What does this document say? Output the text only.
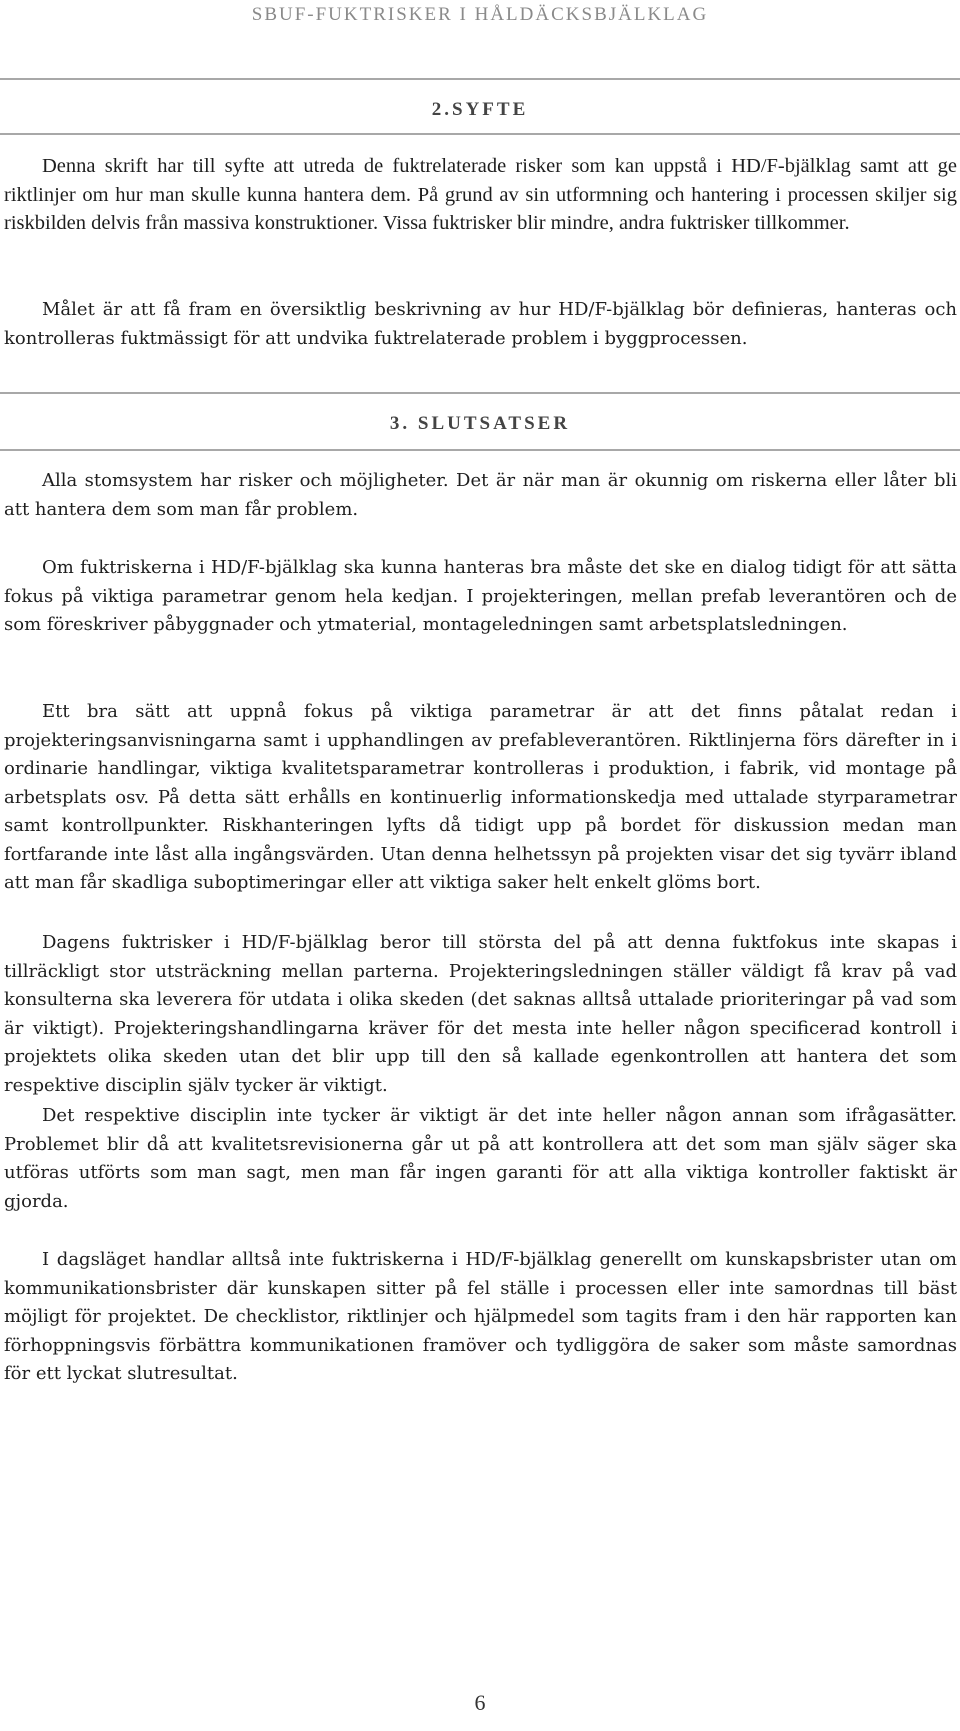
SBUF-FUKTRISKER I HÅLDÄCKSBJÄLKLAG
2.SYFTE

Denna skrift har till syfte att utreda de fuktrelaterade risker som kan uppstå i HD/F-bjälklag samt att ge riktlinjer om hur man skulle kunna hantera dem. På grund av sin utformning och hantering i processen skiljer sig riskbilden delvis från massiva konstruktioner. Vissa fuktrisker blir mindre, andra fuktrisker tillkommer.

Målet är att få fram en översiktlig beskrivning av hur HD/F-bjälklag bör definieras, hanteras och kontrolleras fuktmässigt för att undvika fuktrelaterade problem i byggprocessen.

3. SLUTSATSER

Alla stomsystem har risker och möjligheter. Det är när man är okunnig om riskerna eller låter bli att hantera dem som man får problem.

Om fuktriskerna i HD/F-bjälklag ska kunna hanteras bra måste det ske en dialog tidigt för att sätta fokus på viktiga parametrar genom hela kedjan. I projekteringen, mellan prefab leverantören och de som föreskriver påbyggnader och ytmaterial, montageledningen samt arbetsplatsledningen.

Ett bra sätt att uppnå fokus på viktiga parametrar är att det finns påtalat redan i projekteringsanvisningarna samt i upphandlingen av prefableverantören. Riktlinjerna förs därefter in i ordinarie handlingar, viktiga kvalitetsparametrar kontrolleras i produktion, i fabrik, vid montage på arbetsplats osv. På detta sätt erhålls en kontinuerlig informationskedja med uttalade styrparametrar samt kontrollpunkter. Riskhanteringen lyfts då tidigt upp på bordet för diskussion medan man fortfarande inte låst alla ingångsvärden. Utan denna helhetssyn på projekten visar det sig tyvärr ibland att man får skadliga suboptimeringar eller att viktiga saker helt enkelt glöms bort.

Dagens fuktrisker i HD/F-bjälklag beror till största del på att denna fuktfokus inte skapas i tillräckligt stor utsträckning mellan parterna. Projekteringsledningen ställer väldigt få krav på vad konsulterna ska leverera för utdata i olika skeden (det saknas alltså uttalade prioriteringar på vad som är viktigt). Projekteringshandlingarna kräver för det mesta inte heller någon specificerad kontroll i projektets olika skeden utan det blir upp till den så kallade egenkontrollen att hantera det som respektive disciplin själv tycker är viktigt.

Det respektive disciplin inte tycker är viktigt är det inte heller någon annan som ifrågasätter. Problemet blir då att kvalitetsrevisionerna går ut på att kontrollera att det som man själv säger ska utföras utförts som man sagt, men man får ingen garanti för att alla viktiga kontroller faktiskt är gjorda.

I dagsläget handlar alltså inte fuktriskerna i HD/F-bjälklag generellt om kunskapsbrister utan om kommunikationsbrister där kunskapen sitter på fel ställe i processen eller inte samordnas till bäst möjligt för projektet. De checklistor, riktlinjer och hjälpmedel som tagits fram i den här rapporten kan förhoppningsvis förbättra kommunikationen framöver och tydliggöra de saker som måste samordnas för ett lyckat slutresultat.

6
